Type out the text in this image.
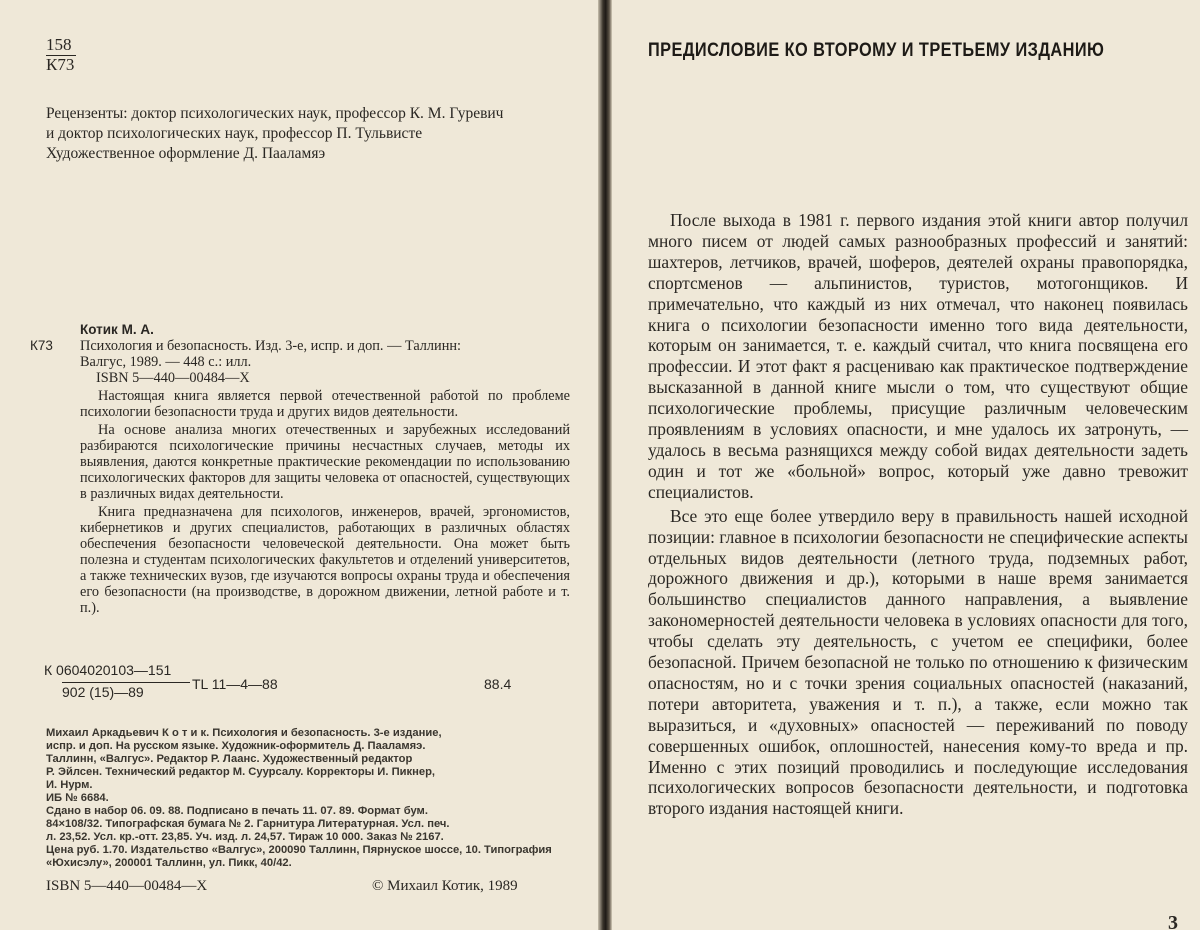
158
К73
Рецензенты: доктор психологических наук, профессор К. М. Гуревич
и доктор психологических наук, профессор П. Тульвисте
Художественное оформление Д. Пааламяэ
Котик М. А.
К73	Психология и безопасность. Изд. 3-е, испр. и доп. — Таллинн:
Валгус, 1989. — 448 с.: илл.
ISBN 5—440—00484—X
Настоящая книга является первой отечественной работой по проблеме психологии безопасности труда и других видов деятельности.
На основе анализа многих отечественных и зарубежных исследований разбираются психологические причины несчастных случаев, методы их выявления, даются конкретные практические рекомендации по использованию психологических факторов для защиты человека от опасностей, существующих в различных видах деятельности.
Книга предназначена для психологов, инженеров, врачей, эргономистов, кибернетиков и других специалистов, работающих в различных областях обеспечения безопасности человеческой деятельности. Она может быть полезна и студентам психологических факультетов и отделений университетов, а также технических вузов, где изучаются вопросы охраны труда и обеспечения его безопасности (на производстве, в дорожном движении, летной работе и т. п.).
К 0604020103—151
902 (15)—89	TL 11—4—88	88.4
Михаил Аркадьевич К о т и к. Психология и безопасность. 3-е издание,
испр. и доп. На русском языке. Художник-оформитель Д. Пааламяэ.
Таллинн, «Валгус». Редактор Р. Лаанс. Художественный редактор
Р. Эйлсен. Технический редактор М. Суурсалу. Корректоры И. Пикнер,
И. Нурм.
ИБ № 6684.
Сдано в набор 06. 09. 88. Подписано в печать 11. 07. 89. Формат бум.
84×108/32. Типографская бумага № 2. Гарнитура Литературная. Усл. печ.
л. 23,52. Усл. кр.-отт. 23,85. Уч. изд. л. 24,57. Тираж 10 000. Заказ № 2167.
Цена руб. 1.70. Издательство «Валгус», 200090 Таллинн, Пярнуское шоссе, 10. Типография «Юхисэлу», 200001 Таллинн, ул. Пикк, 40/42.
ISBN 5—440—00484—X	© Михаил Котик, 1989
ПРЕДИСЛОВИЕ КО ВТОРОМУ И ТРЕТЬЕМУ ИЗДАНИЮ

После выхода в 1981 г. первого издания этой книги автор получил много писем от людей самых разнообразных профессий и занятий: шахтеров, летчиков, врачей, шоферов, деятелей охраны правопорядка, спортсменов — альпинистов, туристов, мотогонщиков. И примечательно, что каждый из них отмечал, что наконец появилась книга о психологии безопасности именно того вида деятельности, которым он занимается, т. е. каждый считал, что книга посвящена его профессии. И этот факт я расцениваю как практическое подтверждение высказанной в данной книге мысли о том, что существуют общие психологические проблемы, присущие различным человеческим проявлениям в условиях опасности, и мне удалось их затронуть, — удалось в весьма разнящихся между собой видах деятельности задеть один и тот же «больной» вопрос, который уже давно тревожит специалистов.

Все это еще более утвердило веру в правильность нашей исходной позиции: главное в психологии безопасности не специфические аспекты отдельных видов деятельности (летного труда, подземных работ, дорожного движения и др.), которыми в наше время занимается большинство специалистов данного направления, а выявление закономерностей деятельности человека в условиях опасности для того, чтобы сделать эту деятельность, с учетом ее специфики, более безопасной. Причем безопасной не только по отношению к физическим опасностям, но и с точки зрения социальных опасностей (наказаний, потери авторитета, уважения и т. п.), а также, если можно так выразиться, и «духовных» опасностей — переживаний по поводу совершенных ошибок, оплошностей, нанесения кому-то вреда и пр. Именно с этих позиций проводились и последующие исследования психологических вопросов безопасности деятельности, и подготовка второго издания настоящей книги.

3
